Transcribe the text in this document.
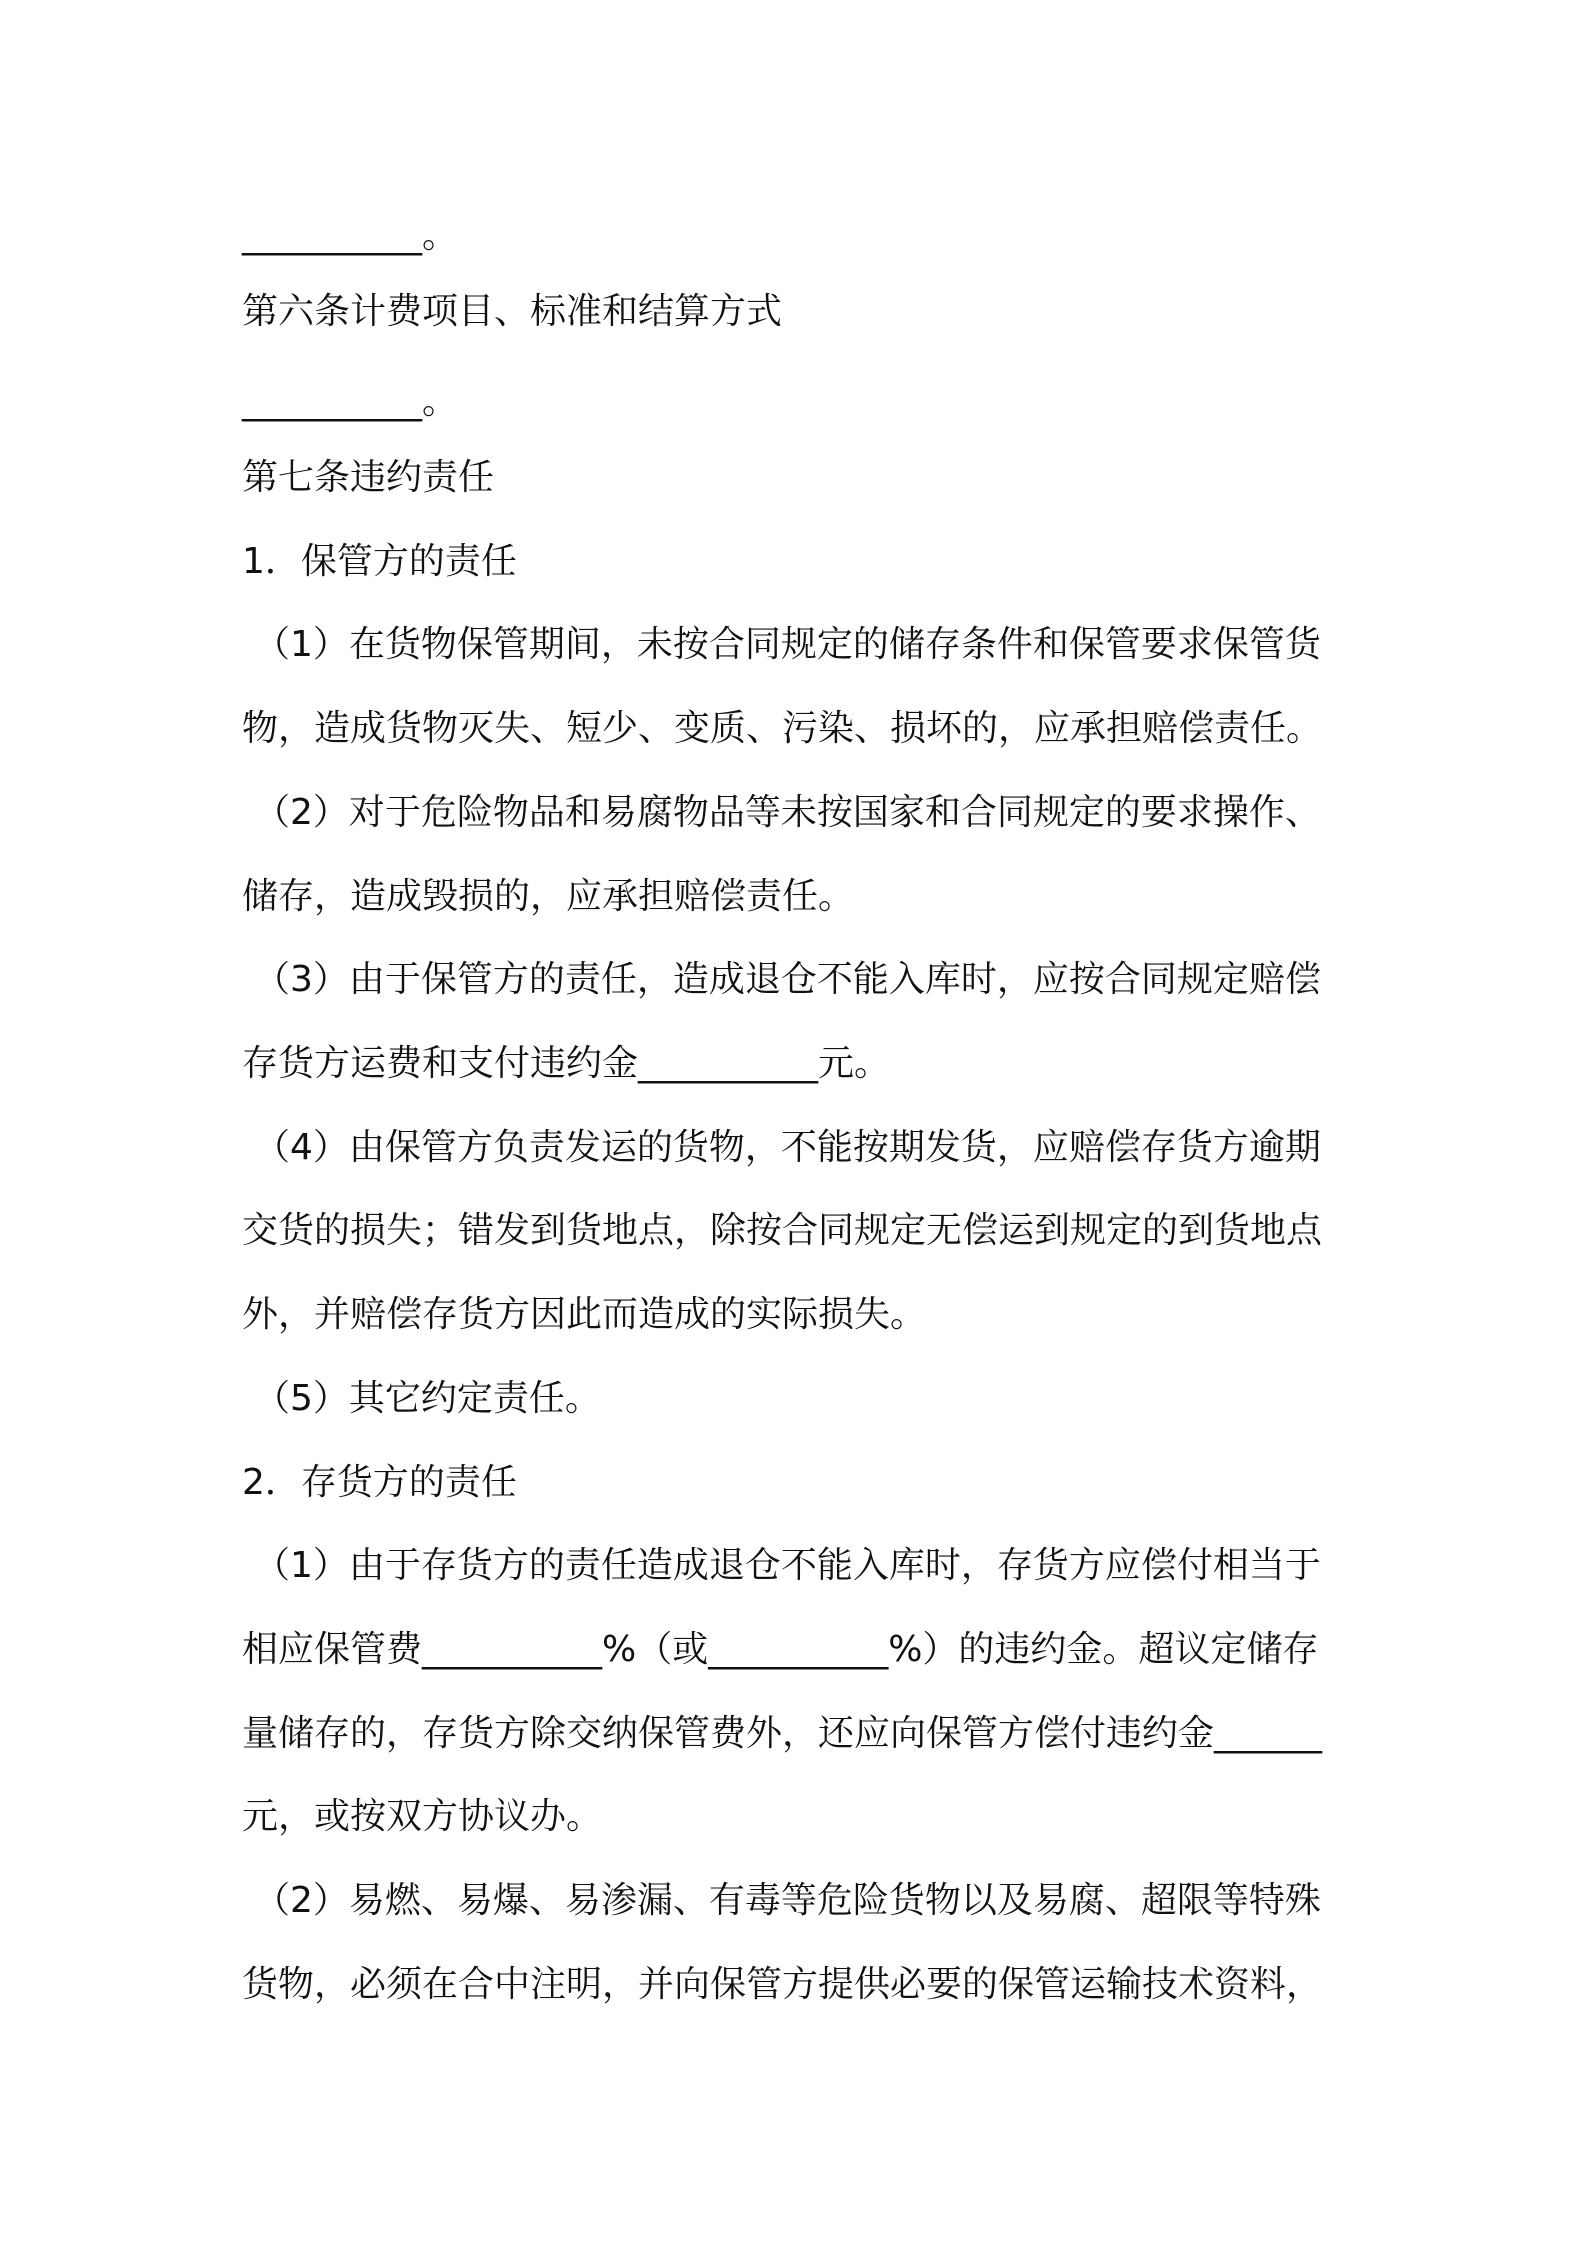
__________。
第六条计费项目、标准和结算方式
__________。
第七条违约责任
1．保管方的责任
（1）在货物保管期间，未按合同规定的储存条件和保管要求保管货
物，造成货物灭失、短少、变质、污染、损坏的，应承担赔偿责任。
（2）对于危险物品和易腐物品等未按国家和合同规定的要求操作、
储存，造成毁损的，应承担赔偿责任。
（3）由于保管方的责任，造成退仓不能入库时，应按合同规定赔偿
存货方运费和支付违约金__________元。
（4）由保管方负责发运的货物，不能按期发货，应赔偿存货方逾期
交货的损失；错发到货地点，除按合同规定无偿运到规定的到货地点
外，并赔偿存货方因此而造成的实际损失。
（5）其它约定责任。
2．存货方的责任
（1）由于存货方的责任造成退仓不能入库时，存货方应偿付相当于
相应保管费__________%（或__________%）的违约金。超议定储存
量储存的，存货方除交纳保管费外，还应向保管方偿付违约金______
元，或按双方协议办。
（2）易燃、易爆、易渗漏、有毒等危险货物以及易腐、超限等特殊
货物，必须在合中注明，并向保管方提供必要的保管运输技术资料，
